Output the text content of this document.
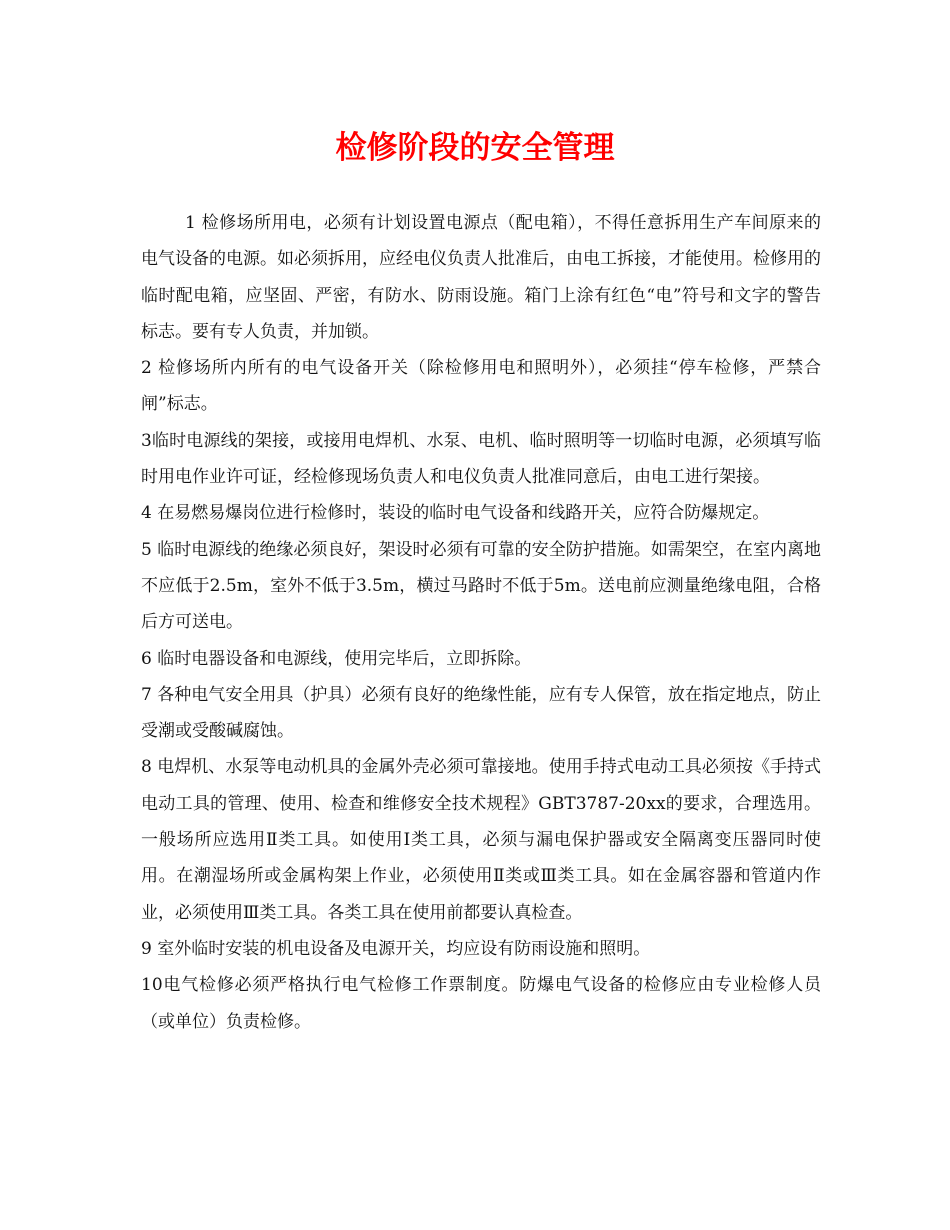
检修阶段的安全管理

1 检修场所用电，必须有计划设置电源点（配电箱），不得任意拆用生产车间原来的电气设备的电源。如必须拆用，应经电仪负责人批准后，由电工拆接，才能使用。检修用的临时配电箱，应坚固、严密，有防水、防雨设施。箱门上涂有红色“电”符号和文字的警告标志。要有专人负责，并加锁。

2 检修场所内所有的电气设备开关（除检修用电和照明外），必须挂“停车检修，严禁合闸”标志。

3临时电源线的架接，或接用电焊机、水泵、电机、临时照明等一切临时电源，必须填写临时用电作业许可证，经检修现场负责人和电仪负责人批准同意后，由电工进行架接。

4 在易燃易爆岗位进行检修时，装设的临时电气设备和线路开关，应符合防爆规定。

5 临时电源线的绝缘必须良好，架设时必须有可靠的安全防护措施。如需架空，在室内离地不应低于2.5m，室外不低于3.5m，横过马路时不低于5m。送电前应测量绝缘电阻，合格后方可送电。

6 临时电器设备和电源线，使用完毕后，立即拆除。

7 各种电气安全用具（护具）必须有良好的绝缘性能，应有专人保管，放在指定地点，防止受潮或受酸碱腐蚀。

8 电焊机、水泵等电动机具的金属外壳必须可靠接地。使用手持式电动工具必须按《手持式电动工具的管理、使用、检查和维修安全技术规程》GBT3787-20xx的要求，合理选用。一般场所应选用Ⅱ类工具。如使用Ⅰ类工具，必须与漏电保护器或安全隔离变压器同时使用。在潮湿场所或金属构架上作业，必须使用Ⅱ类或Ⅲ类工具。如在金属容器和管道内作业，必须使用Ⅲ类工具。各类工具在使用前都要认真检查。

9 室外临时安装的机电设备及电源开关，均应设有防雨设施和照明。

10电气检修必须严格执行电气检修工作票制度。防爆电气设备的检修应由专业检修人员（或单位）负责检修。
